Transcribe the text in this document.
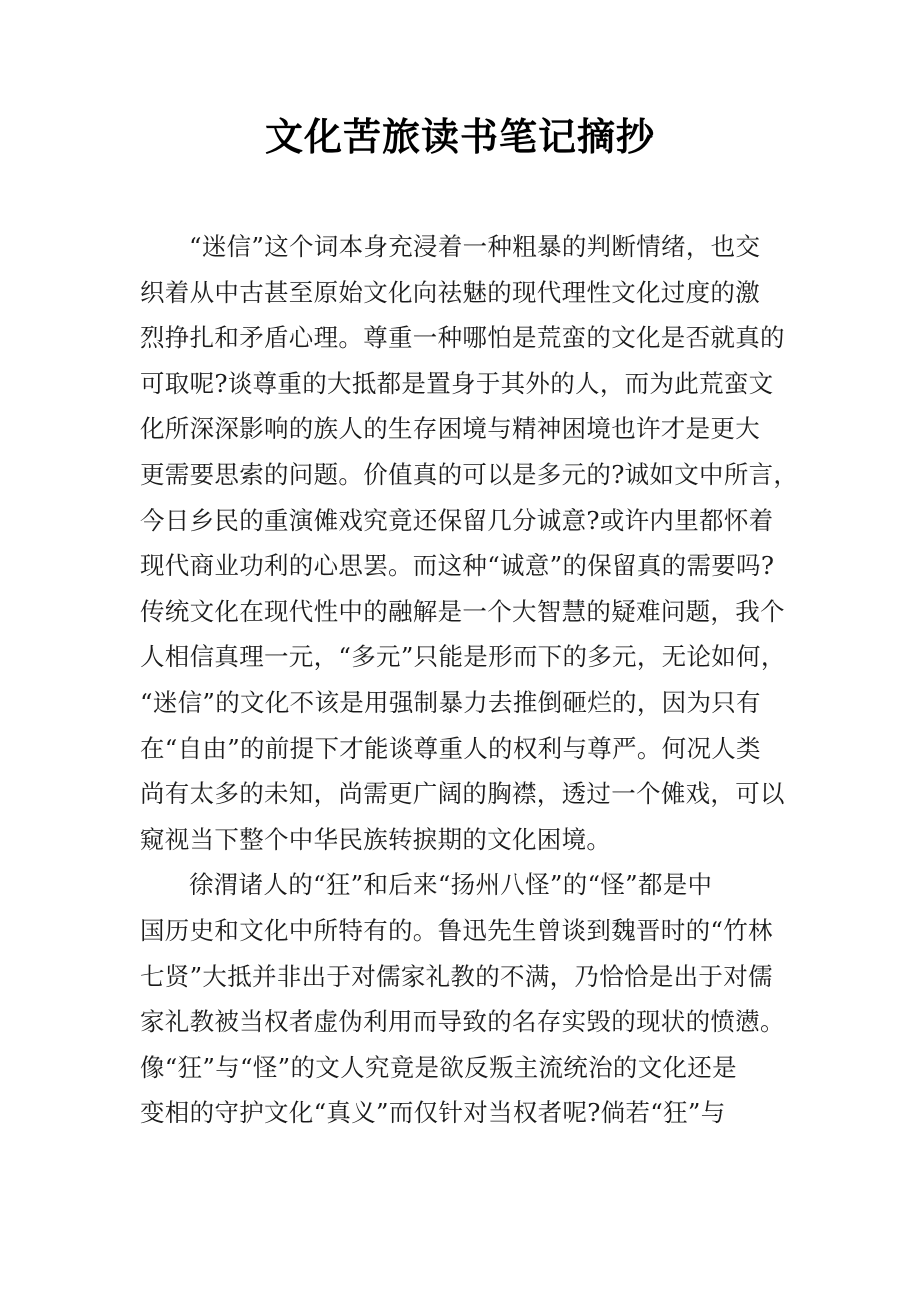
文化苦旅读书笔记摘抄
“迷信”这个词本身充浸着一种粗暴的判断情绪，也交
织着从中古甚至原始文化向祛魅的现代理性文化过度的激
烈挣扎和矛盾心理。尊重一种哪怕是荒蛮的文化是否就真的
可取呢?谈尊重的大抵都是置身于其外的人，而为此荒蛮文
化所深深影响的族人的生存困境与精神困境也许才是更大
更需要思索的问题。价值真的可以是多元的?诚如文中所言，
今日乡民的重演傩戏究竟还保留几分诚意?或许内里都怀着
现代商业功利的心思罢。而这种“诚意”的保留真的需要吗?
传统文化在现代性中的融解是一个大智慧的疑难问题，我个
人相信真理一元，“多元”只能是形而下的多元，无论如何，
“迷信”的文化不该是用强制暴力去推倒砸烂的，因为只有
在“自由”的前提下才能谈尊重人的权利与尊严。何况人类
尚有太多的未知，尚需更广阔的胸襟，透过一个傩戏，可以
窥视当下整个中华民族转捩期的文化困境。
徐渭诸人的“狂”和后来“扬州八怪”的“怪”都是中
国历史和文化中所特有的。鲁迅先生曾谈到魏晋时的“竹林
七贤”大抵并非出于对儒家礼教的不满，乃恰恰是出于对儒
家礼教被当权者虚伪利用而导致的名存实毁的现状的愤懑。
像“狂”与“怪”的文人究竟是欲反叛主流统治的文化还是
变相的守护文化“真义”而仅针对当权者呢?倘若“狂”与
